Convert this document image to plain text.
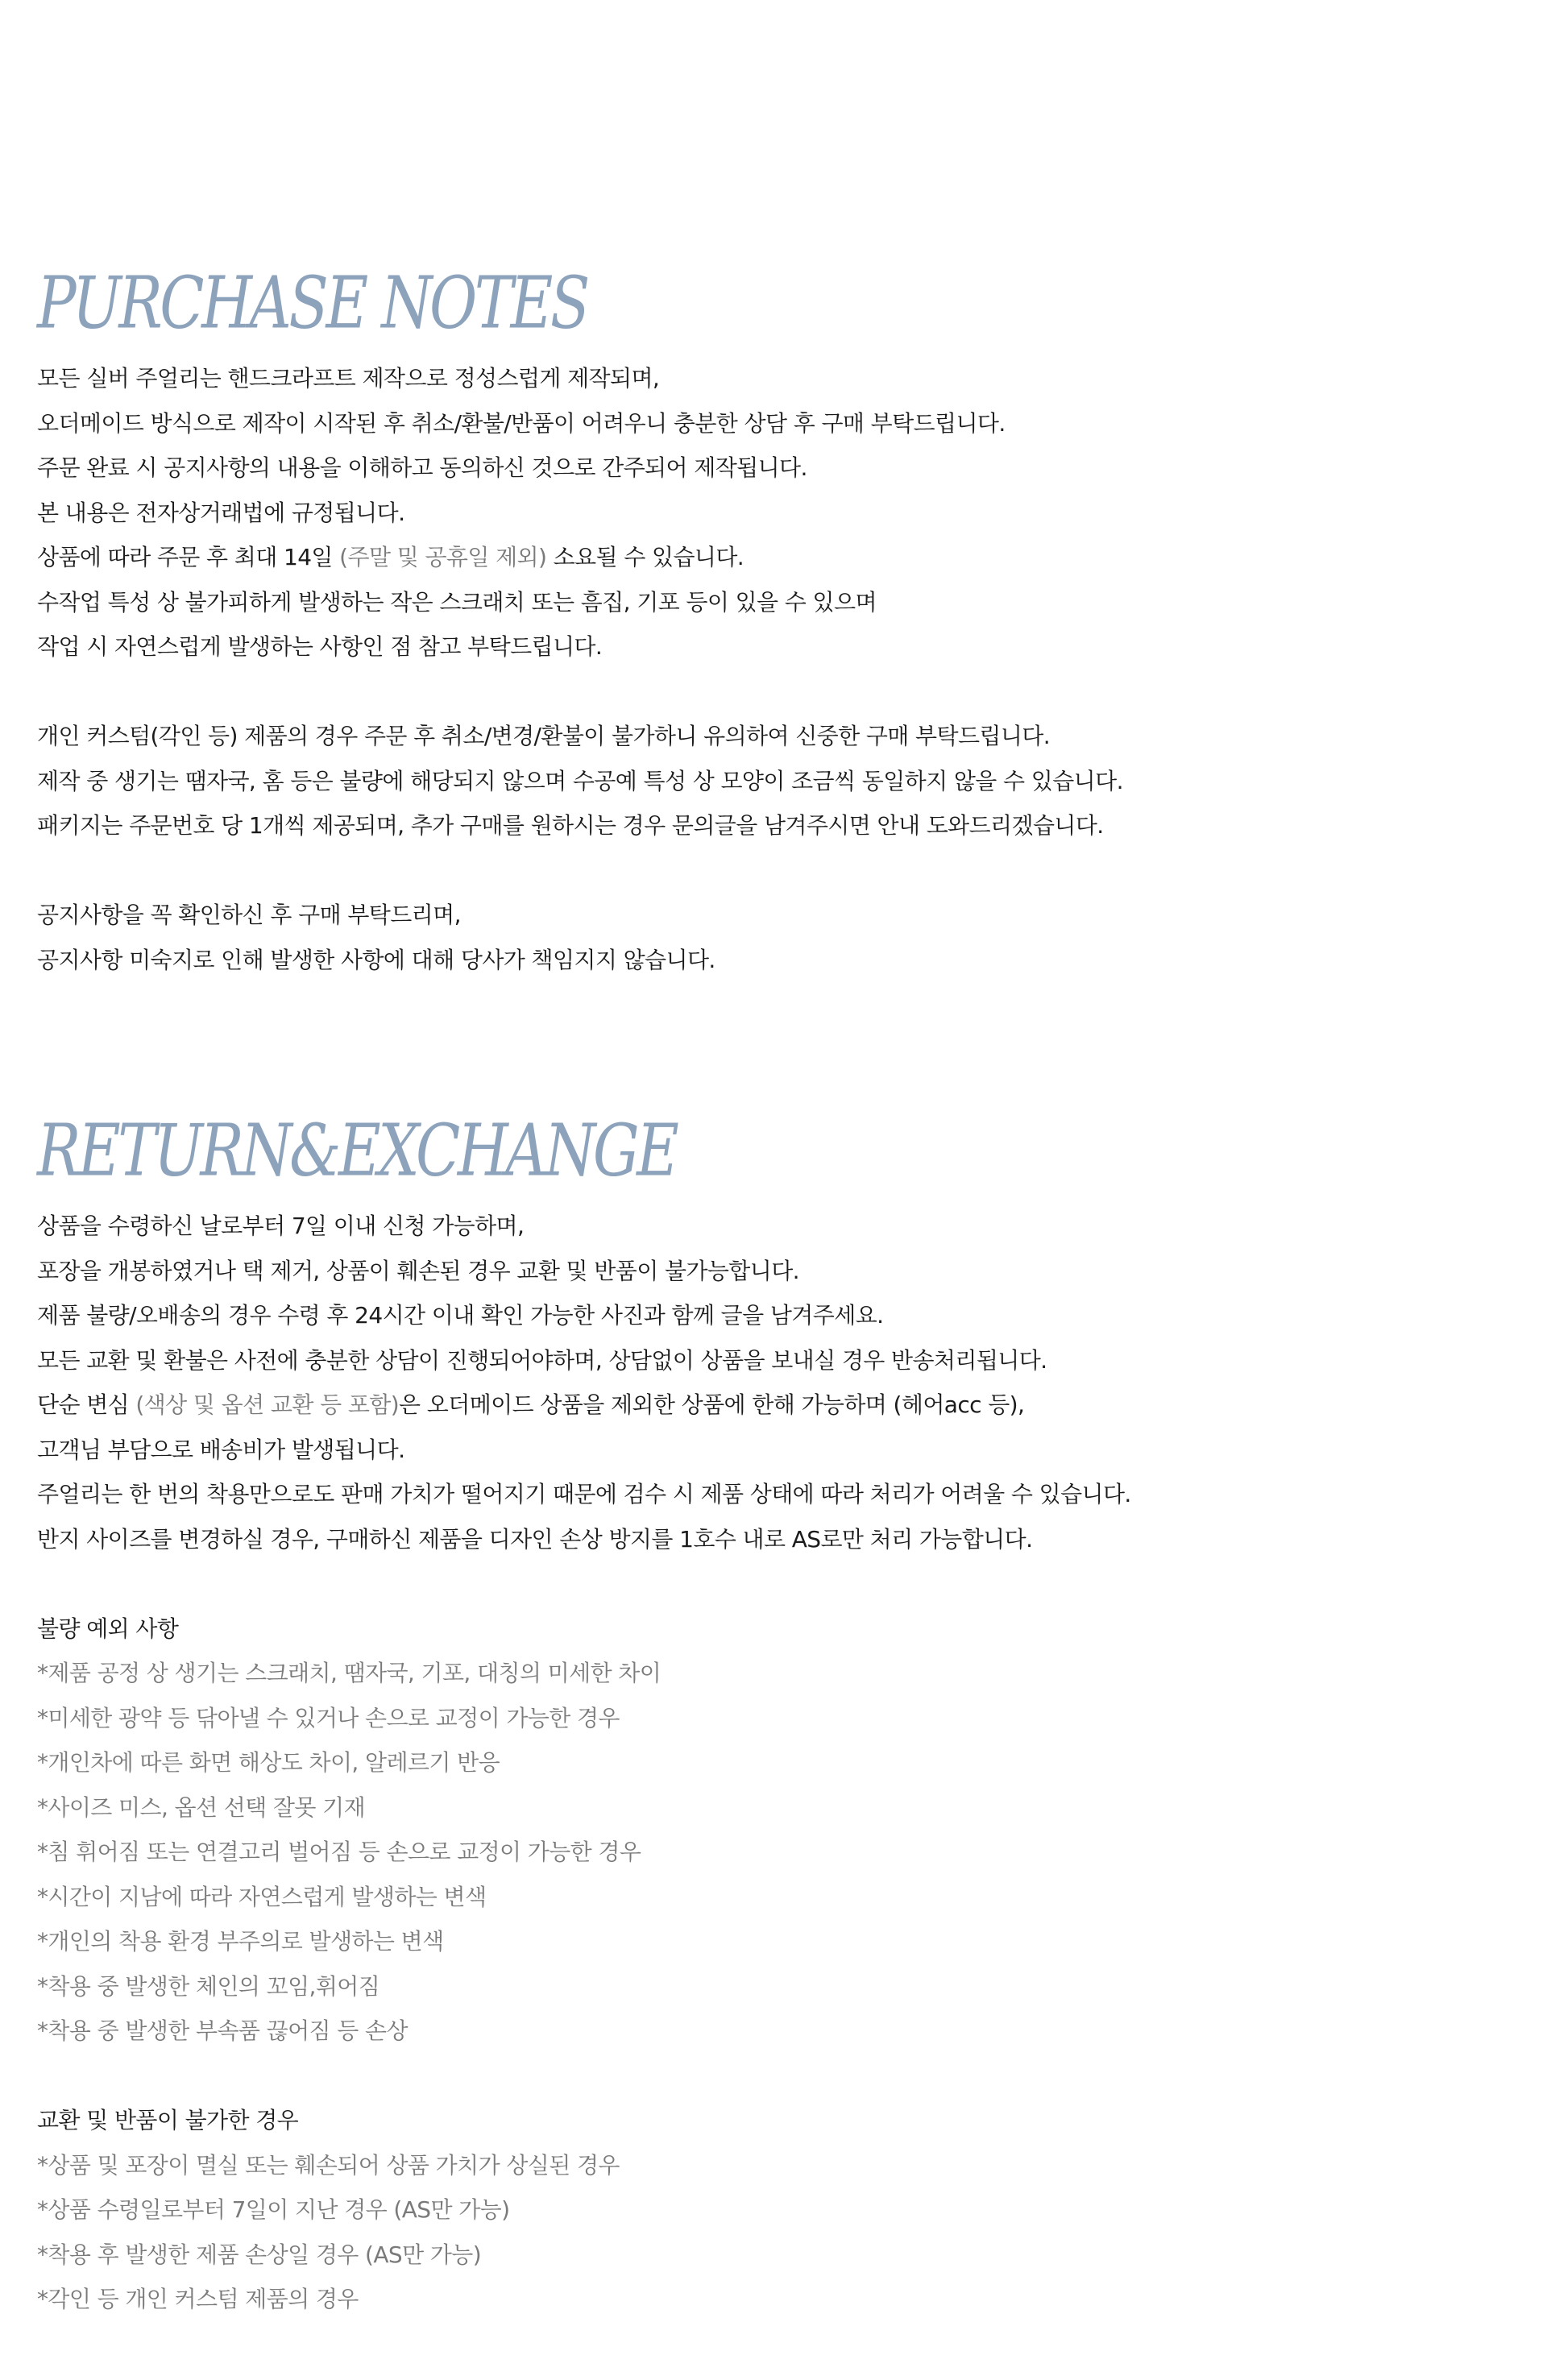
PURCHASE NOTES
모든 실버 주얼리는 핸드크라프트 제작으로 정성스럽게 제작되며,
오더메이드 방식으로 제작이 시작된 후 취소/환불/반품이 어려우니 충분한 상담 후 구매 부탁드립니다.
주문 완료 시 공지사항의 내용을 이해하고 동의하신 것으로 간주되어 제작됩니다.
본 내용은 전자상거래법에 규정됩니다.
상품에 따라 주문 후 최대 14일 (주말 및 공휴일 제외) 소요될 수 있습니다.
수작업 특성 상 불가피하게 발생하는 작은 스크래치 또는 흠집, 기포 등이 있을 수 있으며
작업 시 자연스럽게 발생하는 사항인 점 참고 부탁드립니다.
개인 커스텀(각인 등) 제품의 경우 주문 후 취소/변경/환불이 불가하니 유의하여 신중한 구매 부탁드립니다.
제작 중 생기는 땜자국, 홈 등은 불량에 해당되지 않으며 수공예 특성 상 모양이 조금씩 동일하지 않을 수 있습니다.
패키지는 주문번호 당 1개씩 제공되며, 추가 구매를 원하시는 경우 문의글을 남겨주시면 안내 도와드리겠습니다.
공지사항을 꼭 확인하신 후 구매 부탁드리며,
공지사항 미숙지로 인해 발생한 사항에 대해 당사가 책임지지 않습니다.
RETURN&EXCHANGE
상품을 수령하신 날로부터 7일 이내 신청 가능하며,
포장을 개봉하였거나 택 제거, 상품이 훼손된 경우 교환 및 반품이 불가능합니다.
제품 불량/오배송의 경우 수령 후 24시간 이내 확인 가능한 사진과 함께 글을 남겨주세요.
모든 교환 및 환불은 사전에 충분한 상담이 진행되어야하며, 상담없이 상품을 보내실 경우 반송처리됩니다.
단순 변심 (색상 및 옵션 교환 등 포함)은 오더메이드 상품을 제외한 상품에 한해 가능하며 (헤어acc 등),
고객님 부담으로 배송비가 발생됩니다.
주얼리는 한 번의 착용만으로도 판매 가치가 떨어지기 때문에 검수 시 제품 상태에 따라 처리가 어려울 수 있습니다.
반지 사이즈를 변경하실 경우, 구매하신 제품을 디자인 손상 방지를 1호수 내로 AS로만 처리 가능합니다.
불량 예외 사항
*제품 공정 상 생기는 스크래치, 땜자국, 기포, 대칭의 미세한 차이
*미세한 광약 등 닦아낼 수 있거나 손으로 교정이 가능한 경우
*개인차에 따른 화면 해상도 차이, 알레르기 반응
*사이즈 미스, 옵션 선택 잘못 기재
*침 휘어짐 또는 연결고리 벌어짐 등 손으로 교정이 가능한 경우
*시간이 지남에 따라 자연스럽게 발생하는 변색
*개인의 착용 환경 부주의로 발생하는 변색
*착용 중 발생한 체인의 꼬임,휘어짐
*착용 중 발생한 부속품 끊어짐 등 손상
교환 및 반품이 불가한 경우
*상품 및 포장이 멸실 또는 훼손되어 상품 가치가 상실된 경우
*상품 수령일로부터 7일이 지난 경우 (AS만 가능)
*착용 후 발생한 제품 손상일 경우 (AS만 가능)
*각인 등 개인 커스텀 제품의 경우
